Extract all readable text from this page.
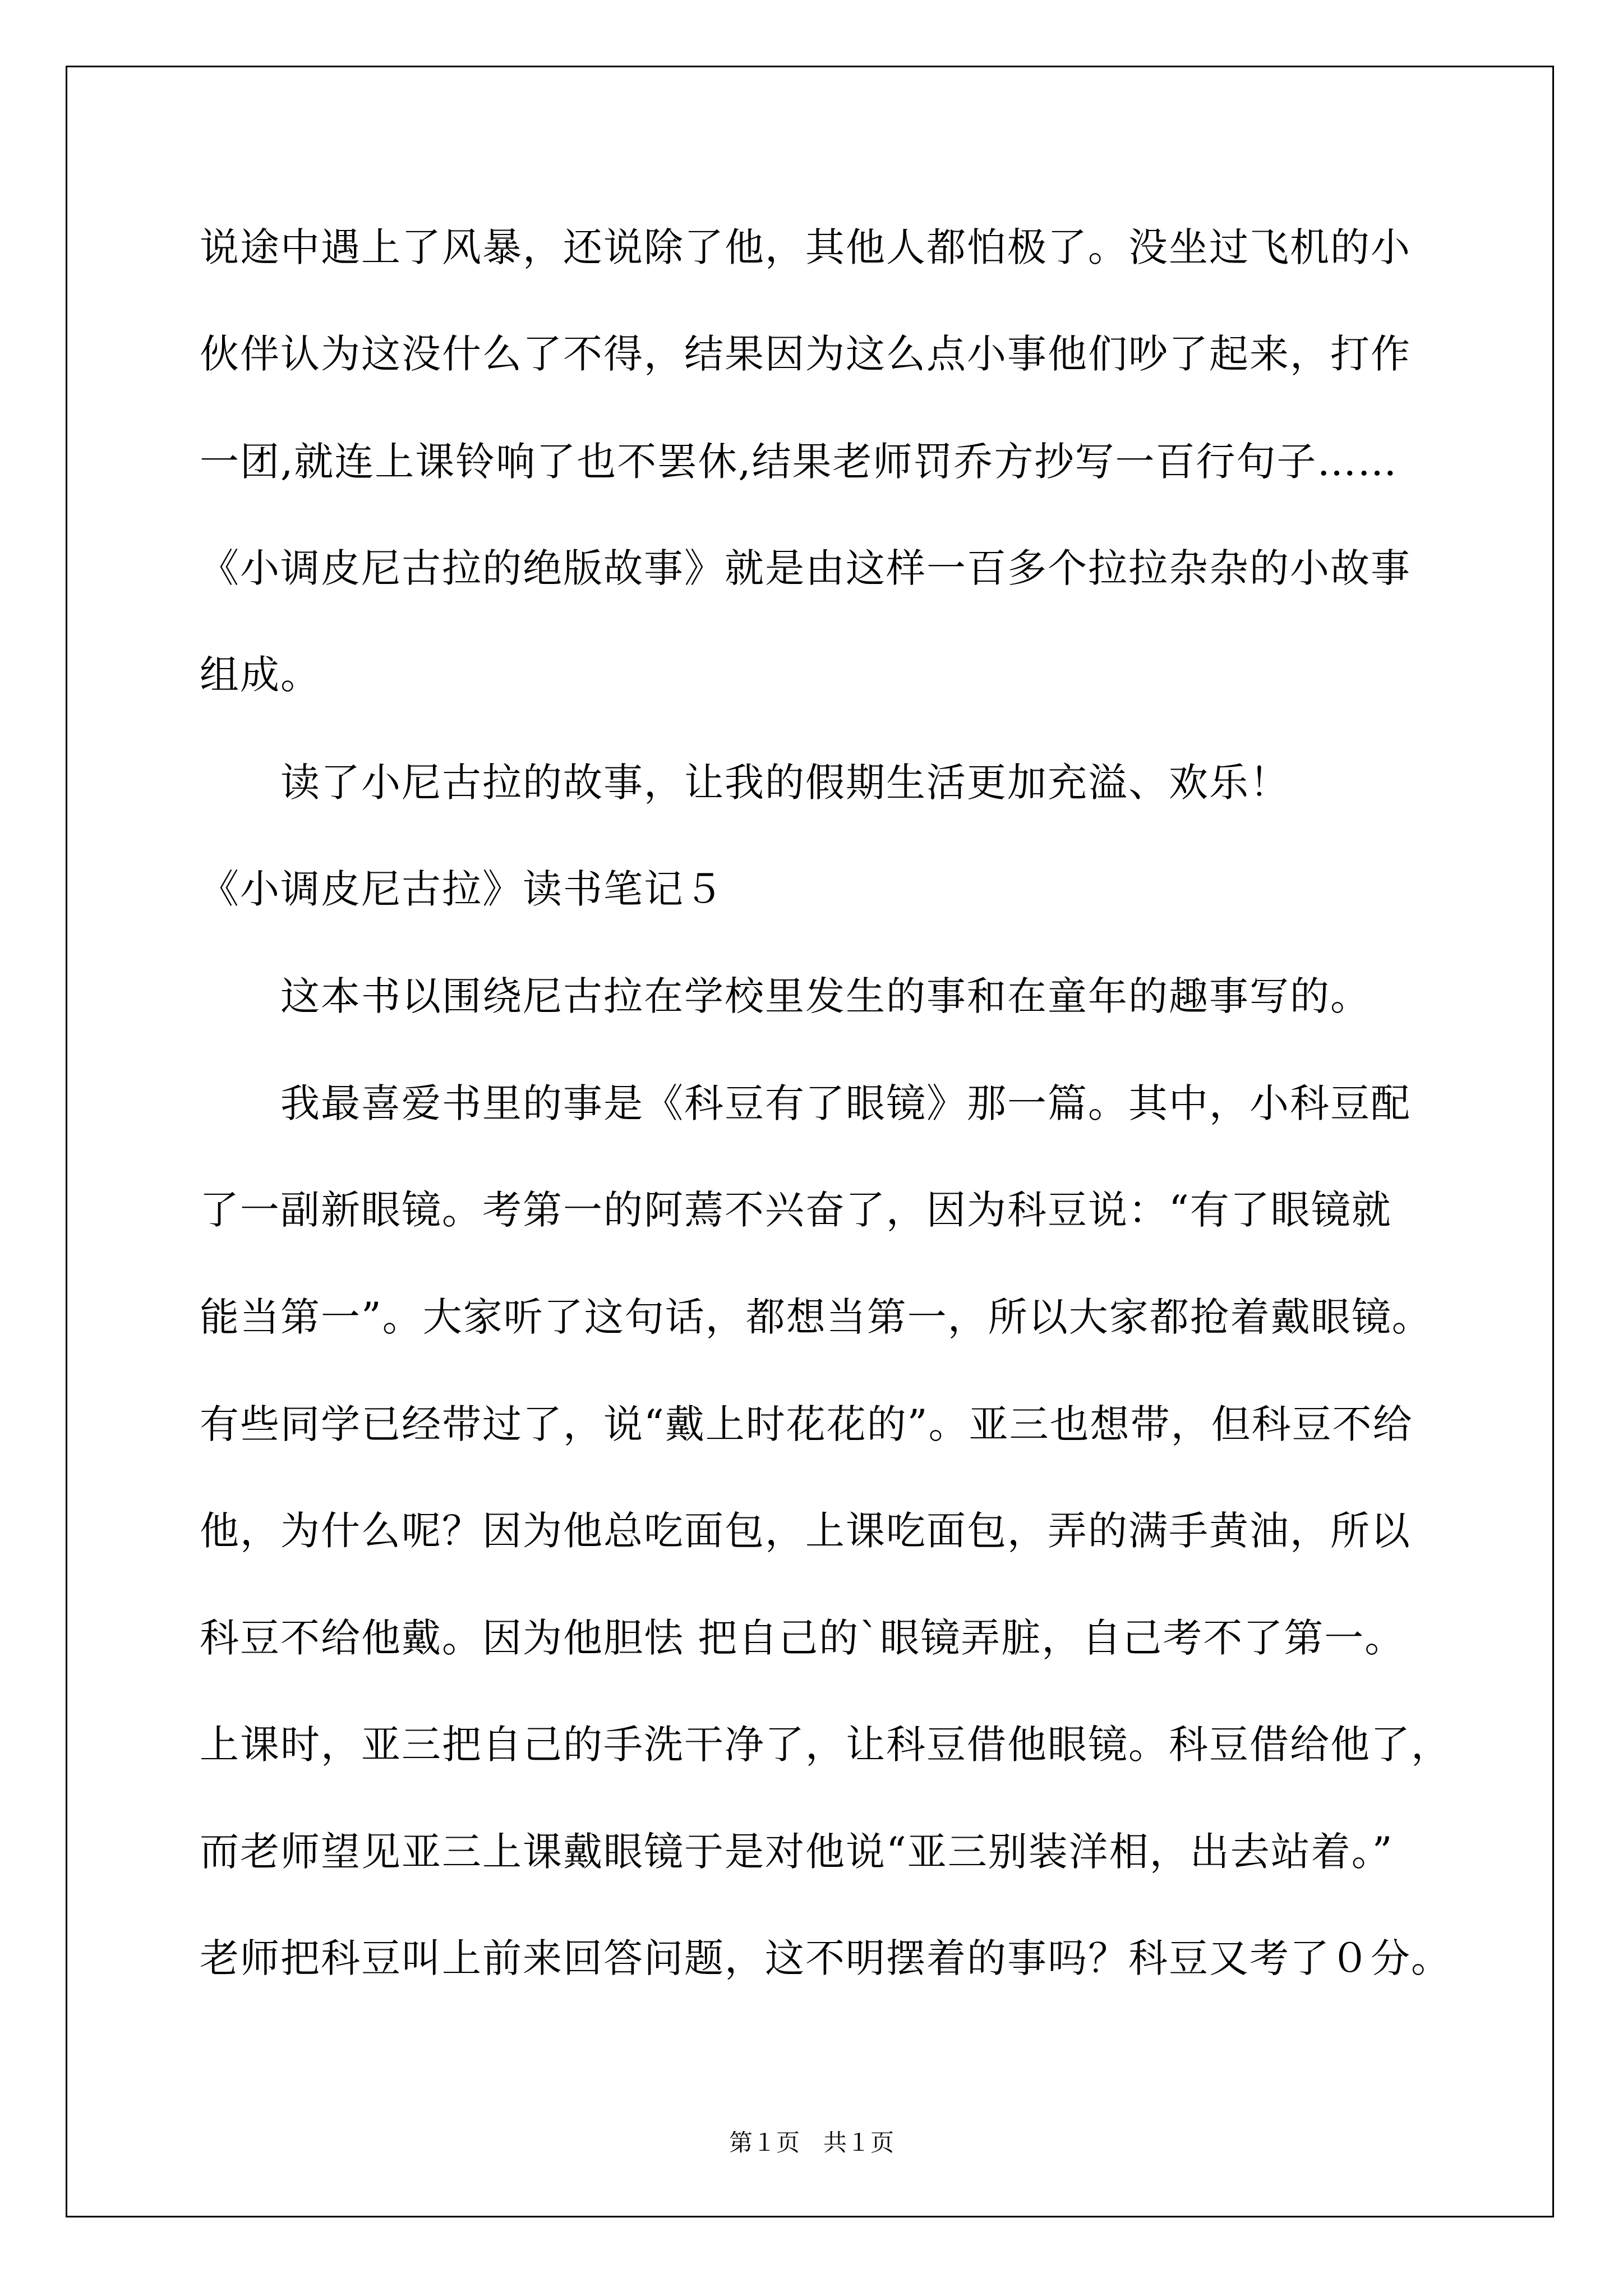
说途中遇上了风暴，还说除了他，其他人都怕极了。没坐过飞机的小
伙伴认为这没什么了不得，结果因为这么点小事他们吵了起来，打作
一团,就连上课铃响了也不罢休,结果老师罚乔方抄写一百行句子……
《小调皮尼古拉的绝版故事》就是由这样一百多个拉拉杂杂的小故事
组成。
读了小尼古拉的故事，让我的假期生活更加充溢、欢乐！
《小调皮尼古拉》读书笔记５
这本书以围绕尼古拉在学校里发生的事和在童年的趣事写的。
我最喜爱书里的事是《科豆有了眼镜》那一篇。其中，小科豆配
了一副新眼镜。考第一的阿蔫不兴奋了，因为科豆说：“有了眼镜就
能当第一”。大家听了这句话，都想当第一，所以大家都抢着戴眼镜。
有些同学已经带过了，说“戴上时花花的”。亚三也想带，但科豆不给
他，为什么呢？因为他总吃面包，上课吃面包，弄的满手黄油，所以
科豆不给他戴。因为他胆怯 把自己的`眼镜弄脏，自己考不了第一。
上课时，亚三把自己的手洗干净了，让科豆借他眼镜。科豆借给他了，
而老师望见亚三上课戴眼镜于是对他说“亚三别装洋相，出去站着。”
老师把科豆叫上前来回答问题，这不明摆着的事吗？科豆又考了０分。
第１页　共１页
